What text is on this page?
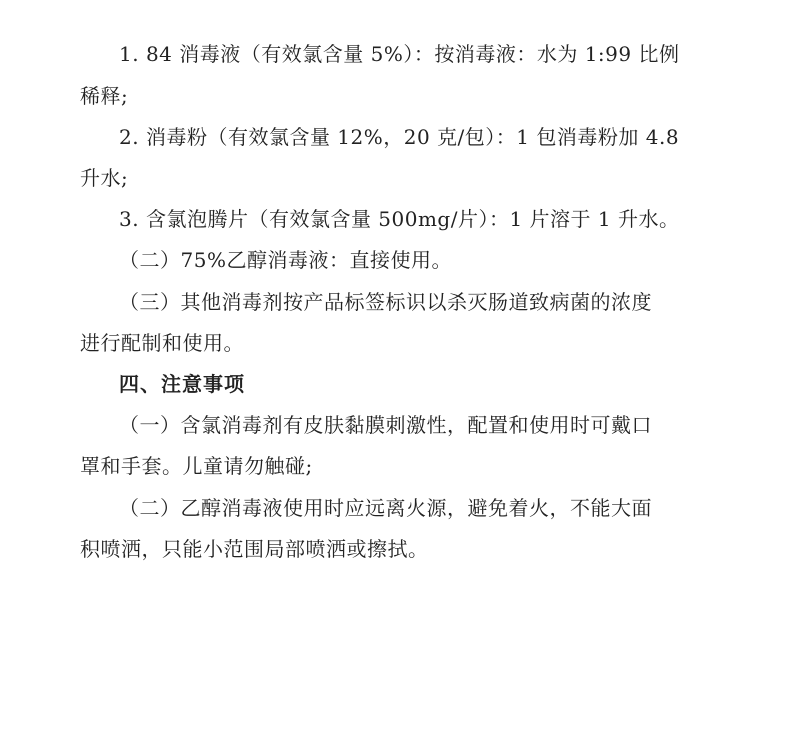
1. 84 消毒液（有效氯含量 5%）：按消毒液：水为 1:99 比例
稀释;
2. 消毒粉（有效氯含量 12%，20 克/包）：1 包消毒粉加 4.8
升水;
3. 含氯泡腾片（有效氯含量 500mg/片）：1 片溶于 1 升水。
（二）75%乙醇消毒液：直接使用。
（三）其他消毒剂按产品标签标识以杀灭肠道致病菌的浓度
进行配制和使用。
四、注意事项
（一）含氯消毒剂有皮肤黏膜刺激性，配置和使用时可戴口
罩和手套。儿童请勿触碰;
（二）乙醇消毒液使用时应远离火源，避免着火，不能大面
积喷洒，只能小范围局部喷洒或擦拭。
